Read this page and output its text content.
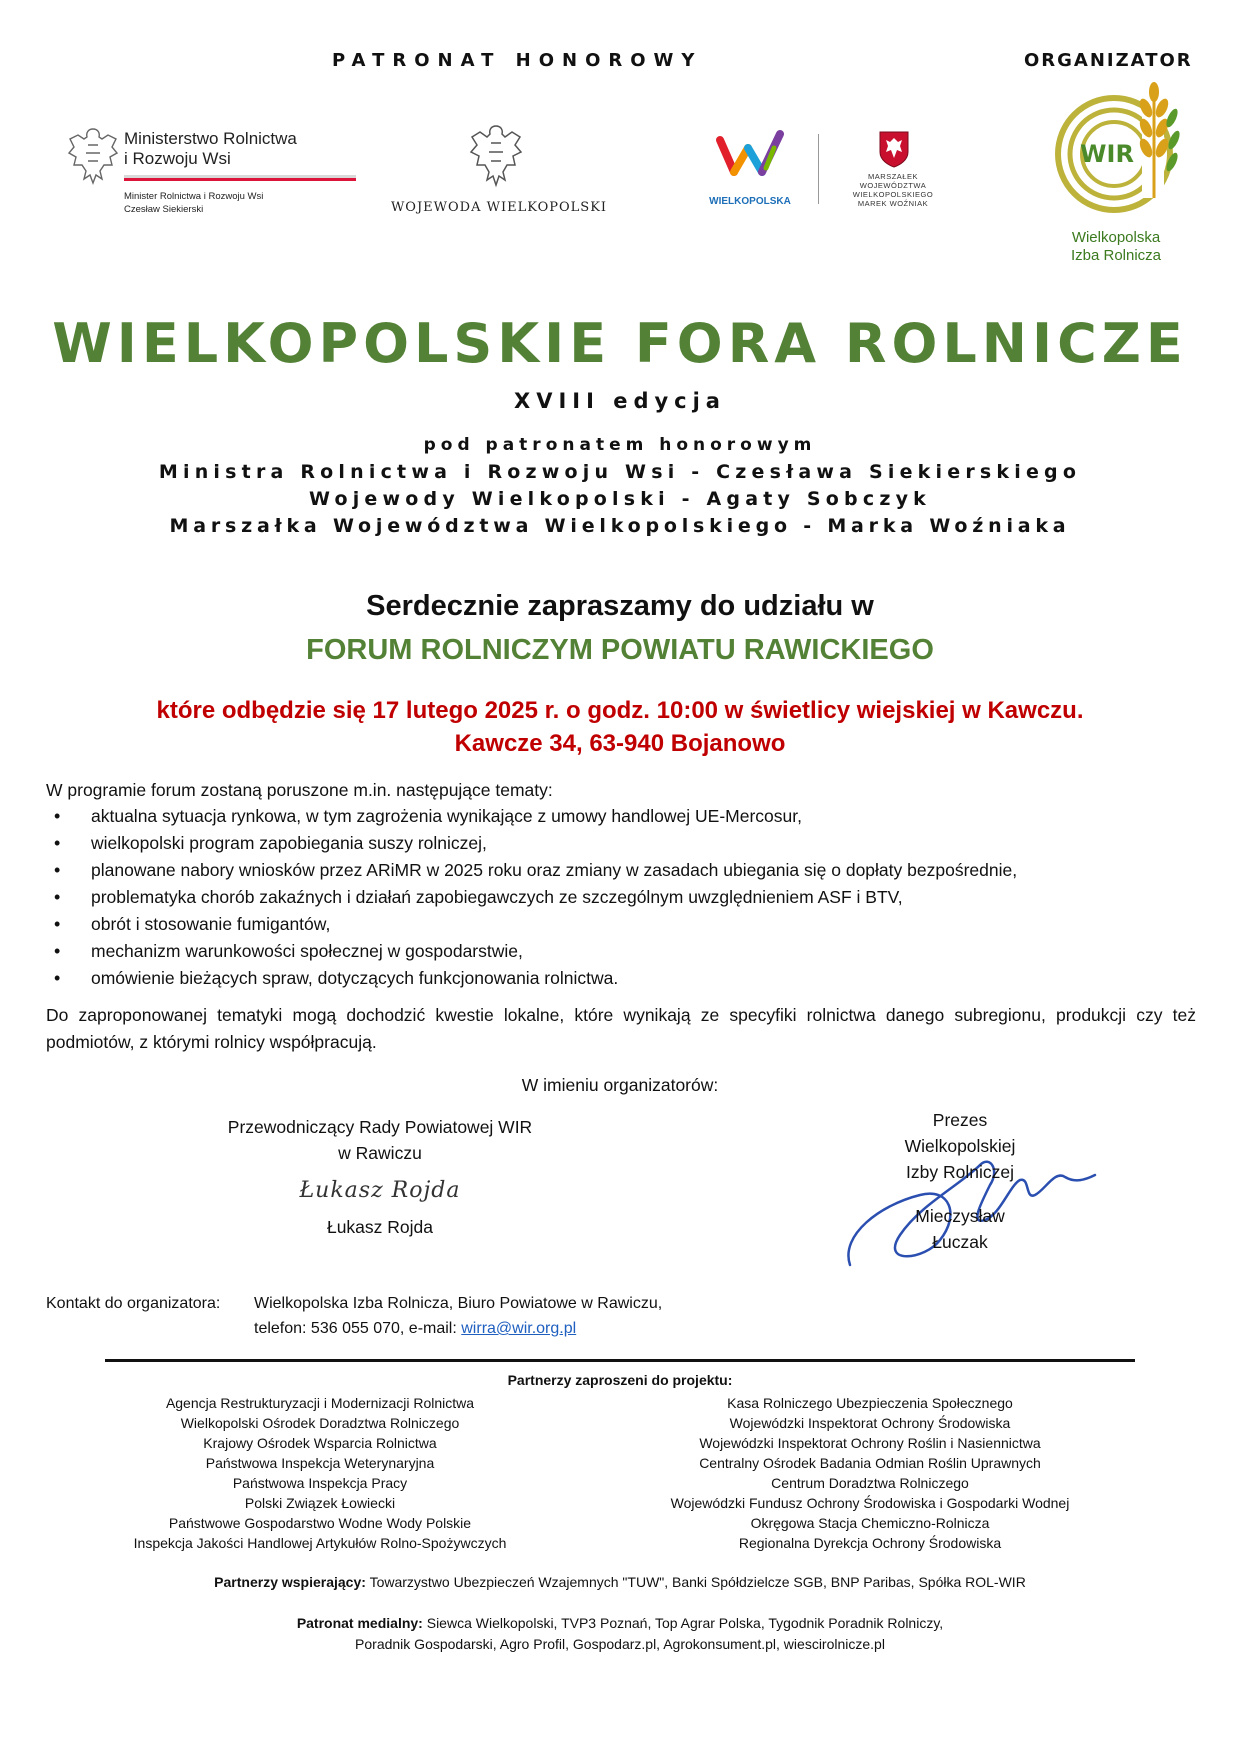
PATRONAT HONOROWY	ORGANIZATOR
Ministerstwo Rolnictwa
i Rozwoju Wsi
Minister Rolnictwa i Rozwoju Wsi
Czesław Siekierski	WOJEWODA WIELKOPOLSKI	WIELKOPOLSKA
MARSZAŁEK
WOJEWÓDZTWA
WIELKOPOLSKIEGO
MAREK WOŹNIAK
WIR
Wielkopolska
Izba Rolnicza
WIELKOPOLSKIE FORA ROLNICZE
XVIII edycja
pod patronatem honorowym
Ministra Rolnictwa i Rozwoju Wsi - Czesława Siekierskiego
Wojewody Wielkopolski - Agaty Sobczyk
Marszałka Województwa Wielkopolskiego - Marka Woźniaka
Serdecznie zapraszamy do udziału w
FORUM ROLNICZYM POWIATU RAWICKIEGO
które odbędzie się 17 lutego 2025 r. o godz. 10:00 w świetlicy wiejskiej w Kawczu.
Kawcze 34, 63-940 Bojanowo
W programie forum zostaną poruszone m.in. następujące tematy:
• aktualna sytuacja rynkowa, w tym zagrożenia wynikające z umowy handlowej UE-Mercosur,
• wielkopolski program zapobiegania suszy rolniczej,
• planowane nabory wniosków przez ARiMR w 2025 roku oraz zmiany w zasadach ubiegania się o dopłaty bezpośrednie,
• problematyka chorób zakaźnych i działań zapobiegawczych ze szczególnym uwzględnieniem ASF i BTV,
• obrót i stosowanie fumigantów,
• mechanizm warunkowości społecznej w gospodarstwie,
• omówienie bieżących spraw, dotyczących funkcjonowania rolnictwa.
Do zaproponowanej tematyki mogą dochodzić kwestie lokalne, które wynikają ze specyfiki rolnictwa danego subregionu, produkcji czy też podmiotów, z którymi rolnicy współpracują.
W imieniu organizatorów:
Przewodniczący Rady Powiatowej WIR
w Rawiczu
Łukasz Rojda
Łukasz Rojda
Prezes
Wielkopolskiej
Izby Rolniczej
Mieczysław
Łuczak
Kontakt do organizatora: Wielkopolska Izba Rolnicza, Biuro Powiatowe w Rawiczu,
telefon: 536 055 070, e-mail: wirra@wir.org.pl
Partnerzy zaproszeni do projektu:
Agencja Restrukturyzacji i Modernizacji Rolnictwa
Wielkopolski Ośrodek Doradztwa Rolniczego
Krajowy Ośrodek Wsparcia Rolnictwa
Państwowa Inspekcja Weterynaryjna
Państwowa Inspekcja Pracy
Polski Związek Łowiecki
Państwowe Gospodarstwo Wodne Wody Polskie
Inspekcja Jakości Handlowej Artykułów Rolno-Spożywczych
Kasa Rolniczego Ubezpieczenia Społecznego
Wojewódzki Inspektorat Ochrony Środowiska
Wojewódzki Inspektorat Ochrony Roślin i Nasiennictwa
Centralny Ośrodek Badania Odmian Roślin Uprawnych
Centrum Doradztwa Rolniczego
Wojewódzki Fundusz Ochrony Środowiska i Gospodarki Wodnej
Okręgowa Stacja Chemiczno-Rolnicza
Regionalna Dyrekcja Ochrony Środowiska
Partnerzy wspierający: Towarzystwo Ubezpieczeń Wzajemnych "TUW", Banki Spółdzielcze SGB, BNP Paribas, Spółka ROL-WIR
Patronat medialny: Siewca Wielkopolski, TVP3 Poznań, Top Agrar Polska, Tygodnik Poradnik Rolniczy,
Poradnik Gospodarski, Agro Profil, Gospodarz.pl, Agrokonsument.pl, wiescirolnicze.pl
